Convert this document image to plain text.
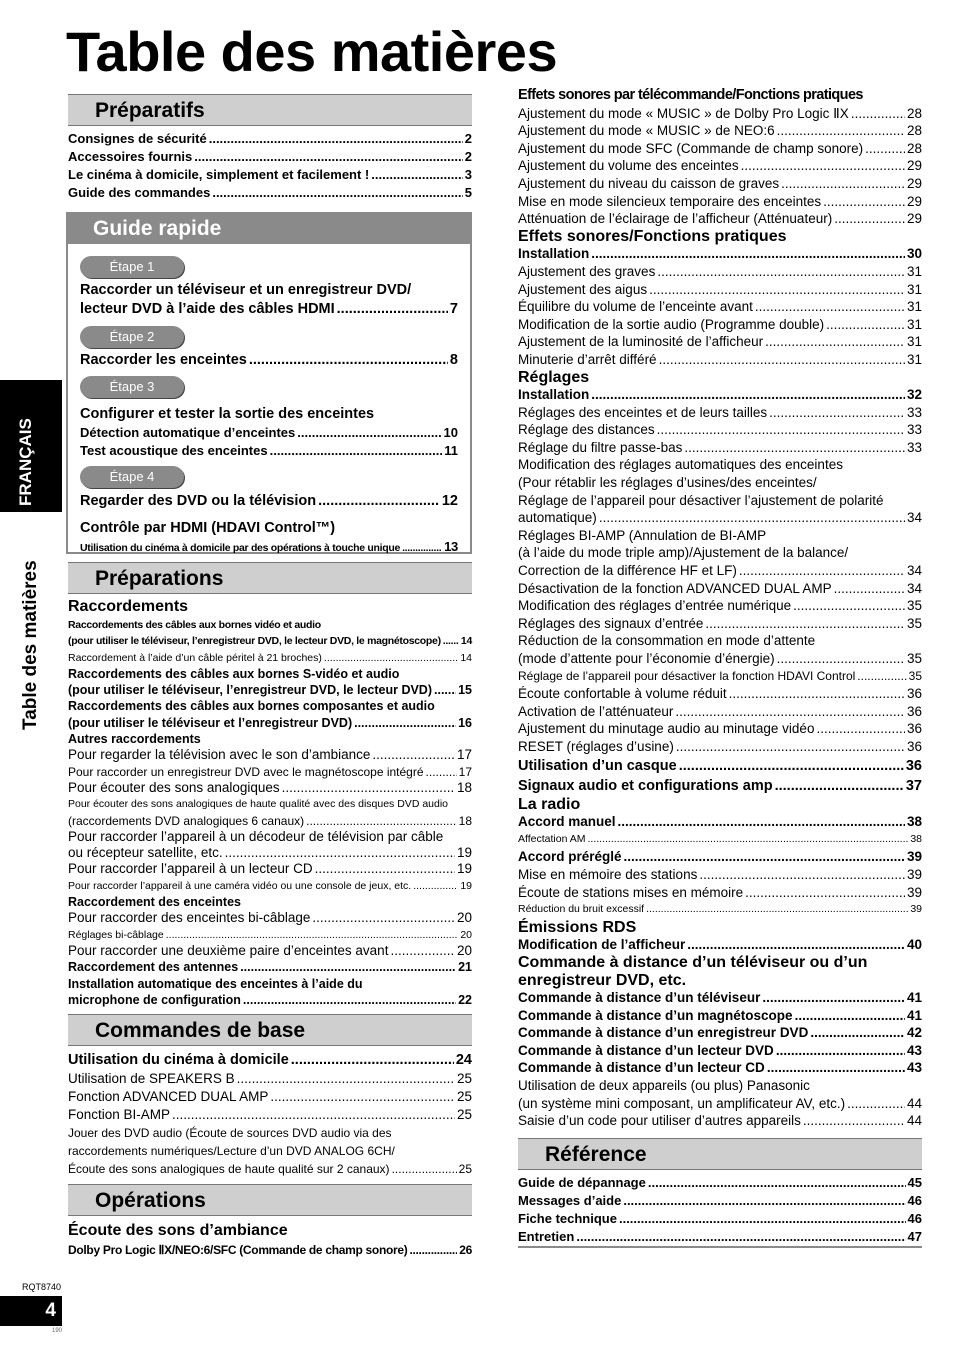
Table des matières
FRANÇAIS
Table des matières
RQT8740
4
190
Préparatifs
Consignes de sécurité .....	2
Accessoires fournis .....	2
Le cinéma à domicile, simplement et facilement ! .....	3
Guide des commandes .....	5
Guide rapide
Étape 1
Raccorder un téléviseur et un enregistreur DVD/
lecteur DVD à l’aide des câbles HDMI .....	7
Étape 2
Raccorder les enceintes .....	8
Étape 3
Configurer et tester la sortie des enceintes
Détection automatique d’enceintes .....	10
Test acoustique des enceintes .....	11
Étape 4
Regarder des DVD ou la télévision .....	12
Contrôle par HDMI (HDAVI Control™)
Utilisation du cinéma à domicile par des opérations à touche unique .....	13
Préparations
Raccordements
Raccordements des câbles aux bornes vidéo et audio
(pour utiliser le téléviseur, l’enregistreur DVD, le lecteur DVD, le magnétoscope) ..... 14
Raccordement à l’aide d’un câble péritel à 21 broches) .....	14
Raccordements des câbles aux bornes S-vidéo et audio
(pour utiliser le téléviseur, l’enregistreur DVD, le lecteur DVD) ..... 15
Raccordements des câbles aux bornes composantes et audio
(pour utiliser le téléviseur et l’enregistreur DVD) .....	16
Autres raccordements
Pour regarder la télévision avec le son d’ambiance .....	17
Pour raccorder un enregistreur DVD avec le magnétoscope intégré .....	17
Pour écouter des sons analogiques .....	18
Pour écouter des sons analogiques de haute qualité avec des disques DVD audio
(raccordements DVD analogiques 6 canaux) .....	18
Pour raccorder l’appareil à un décodeur de télévision par câble
ou récepteur satellite, etc. .....	19
Pour raccorder l’appareil à un lecteur CD .....	19
Pour raccorder l’appareil à une caméra vidéo ou une console de jeux, etc. .....	19
Raccordement des enceintes
Pour raccorder des enceintes bi-câblage .....	20
Réglages bi-câblage .....	20
Pour raccorder une deuxième paire d’enceintes avant .....	20
Raccordement des antennes .....	21
Installation automatique des enceintes à l’aide du
microphone de configuration .....	22
Commandes de base
Utilisation du cinéma à domicile .....	24
Utilisation de SPEAKERS B .....	25
Fonction ADVANCED DUAL AMP .....	25
Fonction BI-AMP .....	25
Jouer des DVD audio (Écoute de sources DVD audio via des
raccordements numériques/Lecture d’un DVD ANALOG 6CH/
Écoute des sons analogiques de haute qualité sur 2 canaux) .....	25
Opérations
Écoute des sons d’ambiance
Dolby Pro Logic ⅡX/NEO:6/SFC (Commande de champ sonore) .....	26
Effets sonores par télécommande/Fonctions pratiques
Ajustement du mode « MUSIC » de Dolby Pro Logic ⅡX .....	28
Ajustement du mode « MUSIC » de NEO:6 .....	28
Ajustement du mode SFC (Commande de champ sonore) .....	28
Ajustement du volume des enceintes .....	29
Ajustement du niveau du caisson de graves .....	29
Mise en mode silencieux temporaire des enceintes .....	29
Atténuation de l’éclairage de l’afficheur (Atténuateur) .....	29
Effets sonores/Fonctions pratiques
Installation .....	30
Ajustement des graves .....	31
Ajustement des aigus .....	31
Équilibre du volume de l’enceinte avant .....	31
Modification de la sortie audio (Programme double) .....	31
Ajustement de la luminosité de l’afficheur .....	31
Minuterie d’arrêt différé .....	31
Réglages
Installation .....	32
Réglages des enceintes et de leurs tailles .....	33
Réglage des distances .....	33
Réglage du filtre passe-bas .....	33
Modification des réglages automatiques des enceintes
(Pour rétablir les réglages d’usines/des enceintes/
Réglage de l’appareil pour désactiver l’ajustement de polarité
automatique) .....	34
Réglages BI-AMP (Annulation de BI-AMP
(à l’aide du mode triple amp)/Ajustement de la balance/
Correction de la différence HF et LF) .....	34
Désactivation de la fonction ADVANCED DUAL AMP .....	34
Modification des réglages d’entrée numérique .....	35
Réglages des signaux d’entrée .....	35
Réduction de la consommation en mode d’attente
(mode d’attente pour l’économie d’énergie) .....	35
Réglage de l’appareil pour désactiver la fonction HDAVI Control .....	35
Écoute confortable à volume réduit .....	36
Activation de l’atténuateur .....	36
Ajustement du minutage audio au minutage vidéo .....	36
RESET (réglages d’usine) .....	36
Utilisation d’un casque .....	36
Signaux audio et configurations amp .....	37
La radio
Accord manuel .....	38
Affectation AM .....	38
Accord préréglé .....	39
Mise en mémoire des stations .....	39
Écoute de stations mises en mémoire .....	39
Réduction du bruit excessif .....	39
Émissions RDS
Modification de l’afficheur .....	40
Commande à distance d’un téléviseur ou d’un
enregistreur DVD, etc.
Commande à distance d’un téléviseur .....	41
Commande à distance d’un magnétoscope .....	41
Commande à distance d’un enregistreur DVD .....	42
Commande à distance d’un lecteur DVD .....	43
Commande à distance d’un lecteur CD .....	43
Utilisation de deux appareils (ou plus) Panasonic
(un système mini composant, un amplificateur AV, etc.) .....	44
Saisie d’un code pour utiliser d’autres appareils .....	44
Référence
Guide de dépannage .....	45
Messages d’aide .....	46
Fiche technique .....	46
Entretien .....	47
